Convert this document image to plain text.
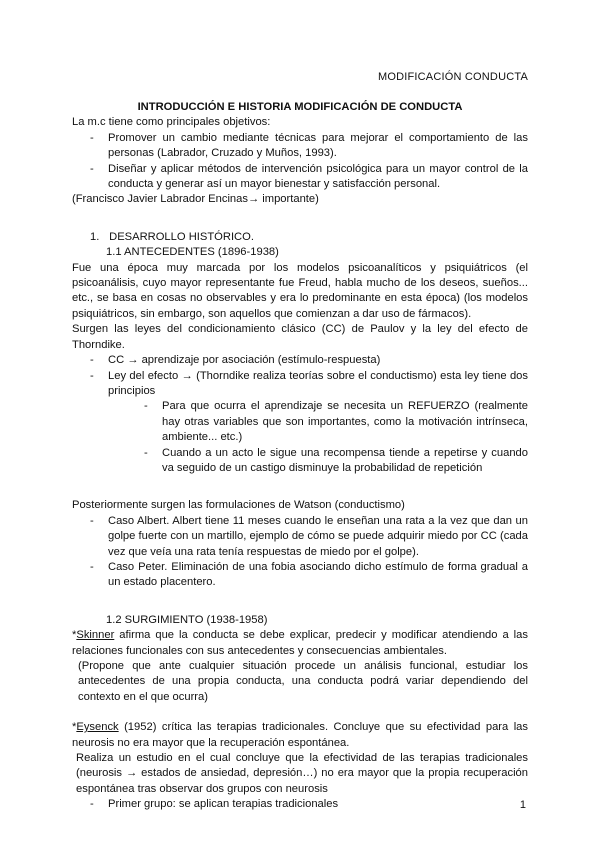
MODIFICACIÓN CONDUCTA

INTRODUCCIÓN E HISTORIA MODIFICACIÓN DE CONDUCTA

La m.c tiene como principales objetivos:

- Promover un cambio mediante técnicas para mejorar el comportamiento de las personas (Labrador, Cruzado y Muños, 1993).
- Diseñar y aplicar métodos de intervención psicológica para un mayor control de la conducta y generar así un mayor bienestar y satisfacción personal.

(Francisco Javier Labrador Encinas→ importante)

1. DESARROLLO HISTÓRICO.

1.1 ANTECEDENTES (1896-1938)

Fue una época muy marcada por los modelos psicoanalíticos y psiquiátricos (el psicoanálisis, cuyo mayor representante fue Freud, habla mucho de los deseos, sueños... etc., se basa en cosas no observables y era lo predominante en esta época) (los modelos psiquiátricos, sin embargo, son aquellos que comienzan a dar uso de fármacos).

Surgen las leyes del condicionamiento clásico (CC) de Paulov y la ley del efecto de Thorndike.

- CC → aprendizaje por asociación (estímulo-respuesta)
- Ley del efecto → (Thorndike realiza teorías sobre el conductismo) esta ley tiene dos principios
- Para que ocurra el aprendizaje se necesita un REFUERZO (realmente hay otras variables que son importantes, como la motivación intrínseca, ambiente... etc.)
- Cuando a un acto le sigue una recompensa tiende a repetirse y cuando va seguido de un castigo disminuye la probabilidad de repetición

Posteriormente surgen las formulaciones de Watson (conductismo)

- Caso Albert. Albert tiene 11 meses cuando le enseñan una rata a la vez que dan un golpe fuerte con un martillo, ejemplo de cómo se puede adquirir miedo por CC (cada vez que veía una rata tenía respuestas de miedo por el golpe).
- Caso Peter. Eliminación de una fobia asociando dicho estímulo de forma gradual a un estado placentero.

1.2 SURGIMIENTO (1938-1958)

*Skinner afirma que la conducta se debe explicar, predecir y modificar atendiendo a las relaciones funcionales con sus antecedentes y consecuencias ambientales.

(Propone que ante cualquier situación procede un análisis funcional, estudiar los antecedentes de una propia conducta, una conducta podrá variar dependiendo del contexto en el que ocurra)

*Eysenck (1952) crítica las terapias tradicionales. Concluye que su efectividad para las neurosis no era mayor que la recuperación espontánea.

Realiza un estudio en el cual concluye que la efectividad de las terapias tradicionales (neurosis → estados de ansiedad, depresión…) no era mayor que la propia recuperación espontánea tras observar dos grupos con neurosis

- Primer grupo: se aplican terapias tradicionales	1
